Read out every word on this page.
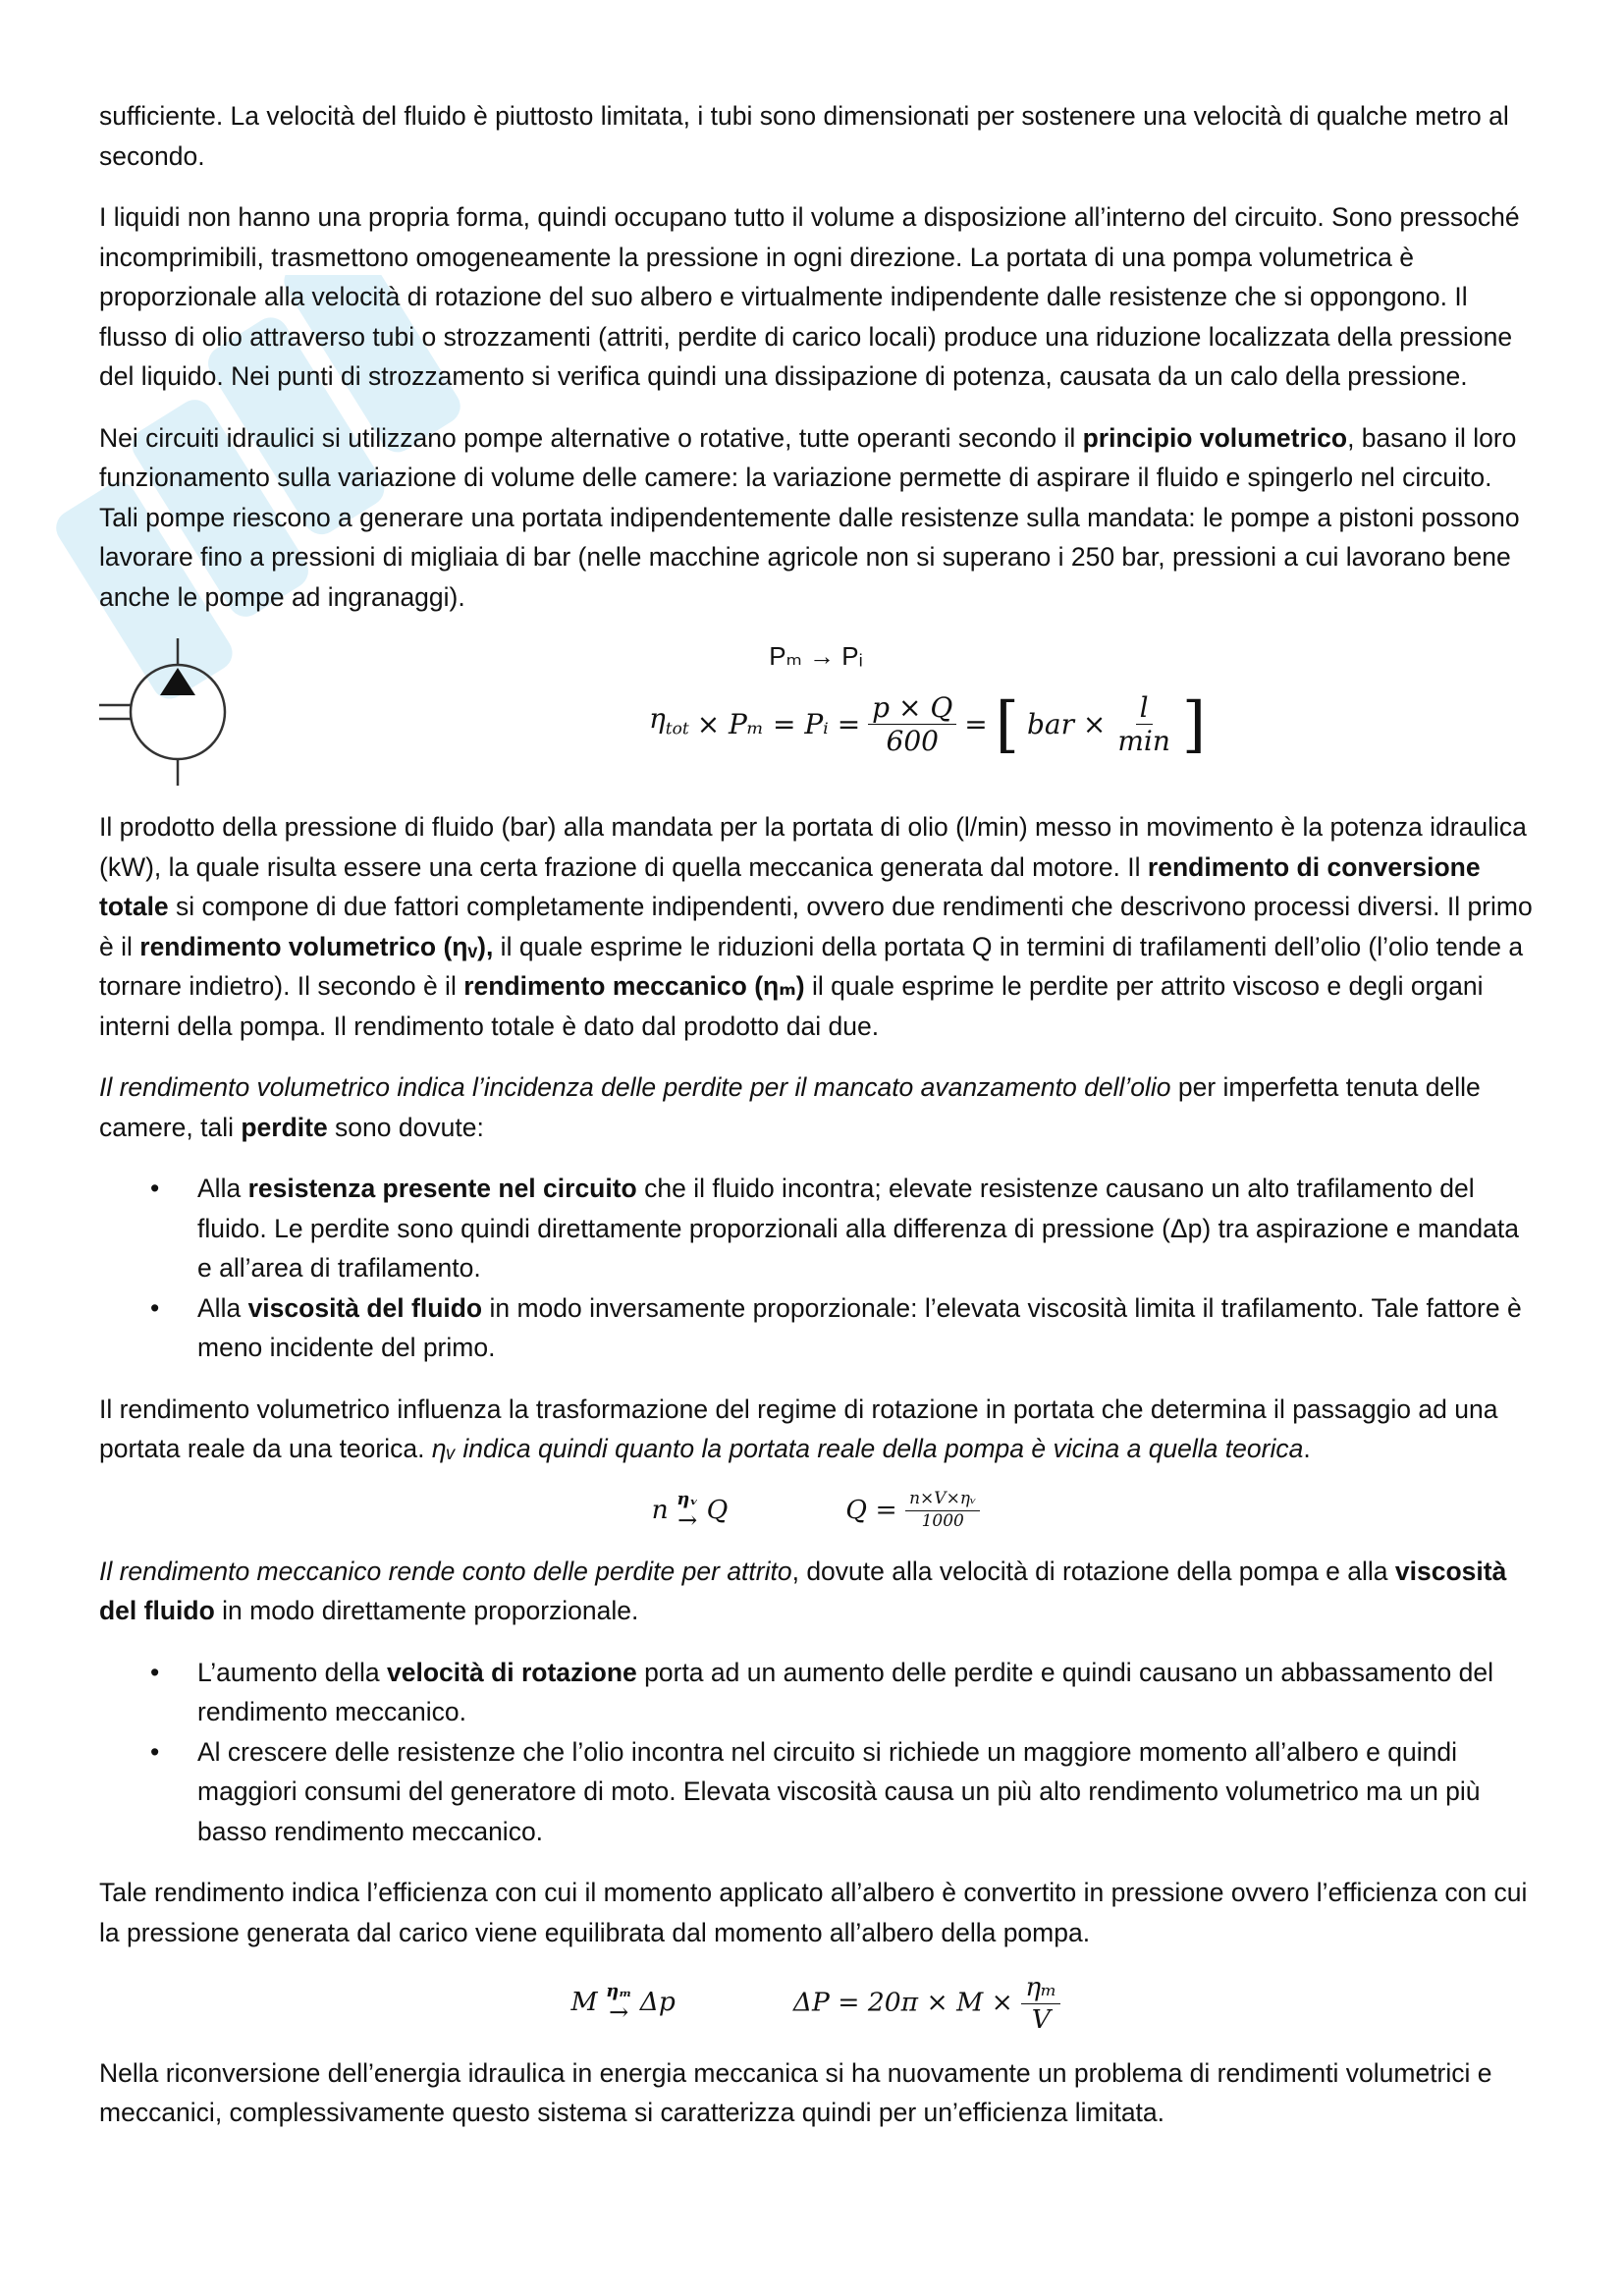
sufficiente. La velocità del fluido è piuttosto limitata, i tubi sono dimensionati per sostenere una velocità di qualche metro al secondo.

I liquidi non hanno una propria forma, quindi occupano tutto il volume a disposizione all’interno del circuito. Sono pressoché incomprimibili, trasmettono omogeneamente la pressione in ogni direzione. La portata di una pompa volumetrica è proporzionale alla velocità di rotazione del suo albero e virtualmente indipendente dalle resistenze che si oppongono. Il flusso di olio attraverso tubi o strozzamenti (attriti, perdite di carico locali) produce una riduzione localizzata della pressione del liquido. Nei punti di strozzamento si verifica quindi una dissipazione di potenza, causata da un calo della pressione.

Nei circuiti idraulici si utilizzano pompe alternative o rotative, tutte operanti secondo il principio volumetrico, basano il loro funzionamento sulla variazione di volume delle camere: la variazione permette di aspirare il fluido e spingerlo nel circuito. Tali pompe riescono a generare una portata indipendentemente dalle resistenze sulla mandata: le pompe a pistoni possono lavorare fino a pressioni di migliaia di bar (nelle macchine agricole non si superano i 250 bar, pressioni a cui lavorano bene anche le pompe ad ingranaggi).

Pₘ → Pᵢ
$\eta_{tot} \times P_m$ = Pᵢ = $\frac{p \times Q}{600}$ = [ bar × $\frac{l}{\min}$ ]

Il prodotto della pressione di fluido (bar) alla mandata per la portata di olio (l/min) messo in movimento è la potenza idraulica (kW), la quale risulta essere una certa frazione di quella meccanica generata dal motore. Il rendimento di conversione totale si compone di due fattori completamente indipendenti, ovvero due rendimenti che descrivono processi diversi. Il primo è il rendimento volumetrico (ηᵥ), il quale esprime le riduzioni della portata Q in termini di trafilamenti dell’olio (l’olio tende a tornare indietro). Il secondo è il rendimento meccanico (ηₘ) il quale esprime le perdite per attrito viscoso e degli organi interni della pompa. Il rendimento totale è dato dal prodotto dai due.

Il rendimento volumetrico indica l’incidenza delle perdite per il mancato avanzamento dell’olio per imperfetta tenuta delle camere, tali perdite sono dovute:

• Alla resistenza presente nel circuito che il fluido incontra; elevate resistenze causano un alto trafilamento del fluido. Le perdite sono quindi direttamente proporzionali alla differenza di pressione (Δp) tra aspirazione e mandata e all’area di trafilamento.
• Alla viscosità del fluido in modo inversamente proporzionale: l’elevata viscosità limita il trafilamento. Tale fattore è meno incidente del primo.

Il rendimento volumetrico influenza la trasformazione del regime di rotazione in portata che determina il passaggio ad una portata reale da una teorica. ηᵥ indica quindi quanto la portata reale della pompa è vicina a quella teorica.

n ηᵥ
→ Q	$Q = \frac{\text{n×V×ηᵥ}}{1000}$

Il rendimento meccanico rende conto delle perdite per attrito, dovute alla velocità di rotazione della pompa e alla viscosità del fluido in modo direttamente proporzionale.

• L’aumento della velocità di rotazione porta ad un aumento delle perdite e quindi causano un abbassamento del rendimento meccanico.
• Al crescere delle resistenze che l’olio incontra nel circuito si richiede un maggiore momento all’albero e quindi maggiori consumi del generatore di moto. Elevata viscosità causa un più alto rendimento volumetrico ma un più basso rendimento meccanico.

Tale rendimento indica l’efficienza con cui il momento applicato all’albero è convertito in pressione ovvero l’efficienza con cui la pressione generata dal carico viene equilibrata dal momento all’albero della pompa.

M ηₘ
→ Δp	$\Delta P = 20\pi \times M \times \frac{\text{ηₘ}}{V}$

Nella riconversione dell’energia idraulica in energia meccanica si ha nuovamente un problema di rendimenti volumetrici e meccanici, complessivamente questo sistema si caratterizza quindi per un’efficienza limitata.
